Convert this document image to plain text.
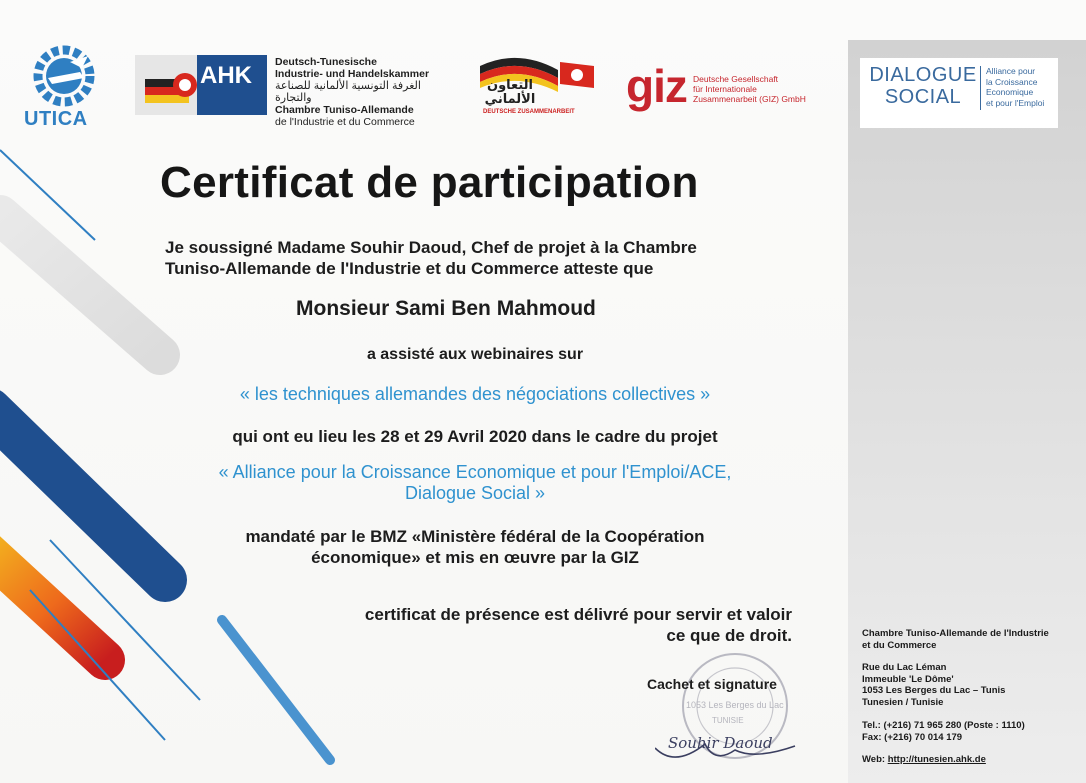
UTICA
AHK Deutsch-Tunesische
Industrie- und Handelskammer
الغرفة التونسية الألمانية للصناعة والتجارة
Chambre Tuniso-Allemande
de l'Industrie et du Commerce
التعاون الألماني
DEUTSCHE ZUSAMMENARBEIT giz Deutsche Gesellschaft
für Internationale
Zusammenarbeit (GIZ) GmbH
DIALOGUE
SOCIAL
Alliance pour
la Croissance
Economique
et pour l'Emploi
Certificat de participation
Je soussigné Madame Souhir Daoud, Chef de projet à la Chambre
Tuniso-Allemande de l'Industrie et du Commerce atteste que
Monsieur Sami Ben Mahmoud
a assisté aux webinaires sur
« les techniques allemandes des négociations collectives »
qui ont eu lieu les 28 et 29 Avril 2020 dans le cadre du projet
« Alliance pour la Croissance Economique et pour l'Emploi/ACE,
Dialogue Social »
mandaté par le BMZ «Ministère fédéral de la Coopération
économique» et mis en œuvre par la GIZ
certificat de présence est délivré pour servir et valoir
ce que de droit.
1053 Les Berges du Lac
TUNISIE
Souhir Daoud
Cachet et signature
Chambre Tuniso-Allemande de l'Industrie
et du Commerce
Rue du Lac Léman
Immeuble 'Le Dôme'
1053 Les Berges du Lac – Tunis
Tunesien / Tunisie
Tel.: (+216) 71 965 280 (Poste : 1110)
Fax: (+216) 70 014 179
Web: http://tunesien.ahk.de
